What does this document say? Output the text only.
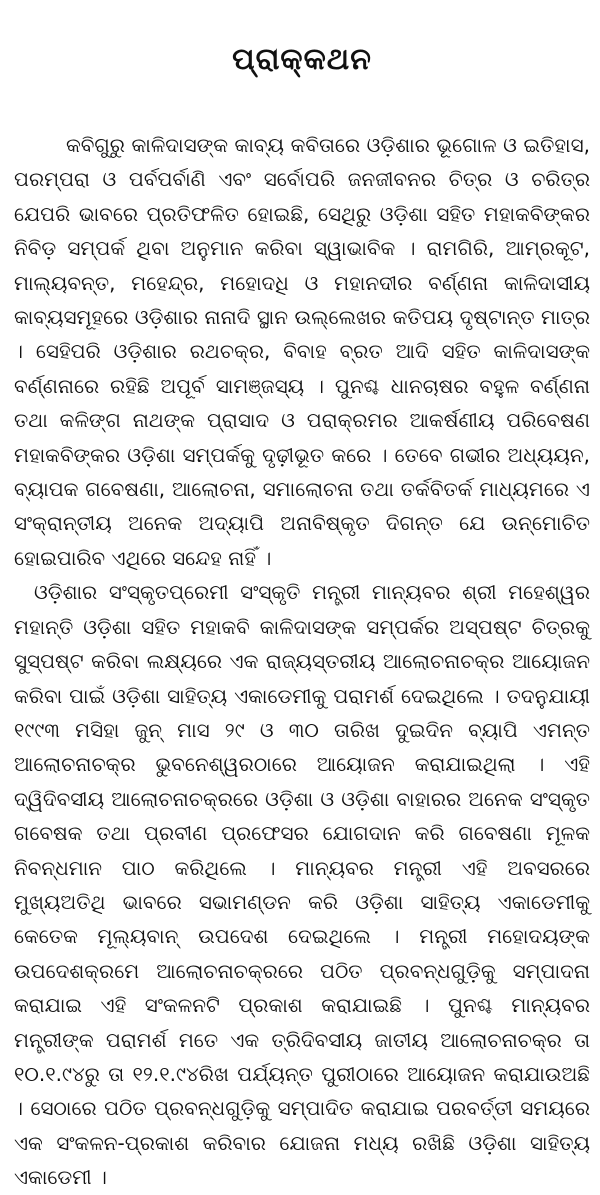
ପ୍ରାକ୍‌କଥନ

କବିଗୁରୁ କାଳିଦାସଙ୍କ କାବ୍ୟ କବିତାରେ ଓଡ଼ିଶାର ଭୂଗୋଳ ଓ ଇତିହାସ, ପରମ୍ପରା ଓ ପର୍ବପର୍ବାଣି ଏବଂ ସର୍ବୋପରି ଜନଜୀବନର ଚିତ୍ର ଓ ଚରିତ୍ର ଯେପରି ଭାବରେ ପ୍ରତିଫଳିତ ହୋଇଛି, ସେଥିରୁ ଓଡ଼ିଶା ସହିତ ମହାକବିଙ୍କର ନିବିଡ଼ ସମ୍ପର୍କ ଥିବା ଅନୁମାନ କରିବା ସ୍ୱାଭାବିକ । ରାମଗିରି, ଆମ୍ରକୂଟ, ମାଲ୍ୟବନ୍ତ, ମହେନ୍ଦ୍ର, ମହୋଦଧି ଓ ମହାନଦୀର ବର୍ଣ୍ଣନା କାଳିଦାସୀୟ କାବ୍ୟସମୂହରେ ଓଡ଼ିଶାର ନାନାଦି ସ୍ଥାନ ଉଲ୍ଲେଖର କତିପୟ ଦୃଷ୍ଟାନ୍ତ ମାତ୍ର । ସେହିପରି ଓଡ଼ିଶାର ରଥଚକ୍ର, ବିବାହ ବ୍ରତ ଆଦି ସହିତ କାଳିଦାସଙ୍କ ବର୍ଣ୍ଣନାରେ ରହିଛି ଅପୂର୍ବ ସାମଞ୍ଜସ୍ୟ । ପୁନଶ୍ଚ ଧାନଚାଷର ବହୁଳ ବର୍ଣ୍ଣନା ତଥା କଳିଙ୍ଗ ନାଥଙ୍କ ପ୍ରାସାଦ ଓ ପରାକ୍ରମର ଆକର୍ଷଣୀୟ ପରିବେଷଣ ମହାକବିଙ୍କର ଓଡ଼ିଶା ସମ୍ପର୍କକୁ ଦୃଢ଼ୀଭୂତ କରେ । ତେବେ ଗଭୀର ଅଧ୍ୟୟନ, ବ୍ୟାପକ ଗବେଷଣା, ଆଲୋଚନା, ସମାଲୋଚନା ତଥା ତର୍କବିତର୍କ ମାଧ୍ୟମରେ ଏ ସଂକ୍ରାନ୍ତୀୟ ଅନେକ ଅଦ୍ୟାପି ଅନାବିଷ୍କୃତ ଦିଗନ୍ତ ଯେ ଉନ୍ମୋଚିତ ହୋଇପାରିବ ଏଥିରେ ସନ୍ଦେହ ନାହିଁ ।

ଓଡ଼ିଶାର ସଂସ୍କୃତପ୍ରେମୀ ସଂସ୍କୃତି ମନ୍ତ୍ରୀ ମାନ୍ୟବର ଶ୍ରୀ ମହେଶ୍ୱର ମହାନ୍ତି ଓଡ଼ିଶା ସହିତ ମହାକବି କାଳିଦାସଙ୍କ ସମ୍ପର୍କର ଅସ୍ପଷ୍ଟ ଚିତ୍ରକୁ ସୁସ୍ପଷ୍ଟ କରିବା ଲକ୍ଷ୍ୟରେ ଏକ ରାଜ୍ୟସ୍ତରୀୟ ଆଲୋଚନାଚକ୍ର ଆୟୋଜନ କରିବା ପାଇଁ ଓଡ଼ିଶା ସାହିତ୍ୟ ଏକାଡେମୀକୁ ପରାମର୍ଶ ଦେଇଥିଲେ । ତଦନୁଯାୟୀ ୧୯୯୩ ମସିହା ଜୁନ୍ ମାସ ୨୯ ଓ ୩୦ ତାରିଖ ଦୁଇଦିନ ବ୍ୟାପି ଏମନ୍ତ ଆଲୋଚନାଚକ୍ର ଭୁବନେଶ୍ୱରଠାରେ ଆୟୋଜନ କରାଯାଇଥିଲା । ଏହି ଦ୍ୱିଦିବସୀୟ ଆଲୋଚନାଚକ୍ରରେ ଓଡ଼ିଶା ଓ ଓଡ଼ିଶା ବାହାରର ଅନେକ ସଂସ୍କୃତ ଗବେଷକ ତଥା ପ୍ରବୀଣ ପ୍ରଫେସର ଯୋଗଦାନ କରି ଗବେଷଣା ମୂଳକ ନିବନ୍ଧମାନ ପାଠ କରିଥିଲେ । ମାନ୍ୟବର ମନ୍ତ୍ରୀ ଏହି ଅବସରରେ ମୁଖ୍ୟଅତିଥି ଭାବରେ ସଭାମଣ୍ଡନ କରି ଓଡ଼ିଶା ସାହିତ୍ୟ ଏକାଡେମୀକୁ କେତେକ ମୂଲ୍ୟବାନ୍ ଉପଦେଶ ଦେଇଥିଲେ । ମନ୍ତ୍ରୀ ମହୋଦୟଙ୍କ ଉପଦେଶକ୍ରମେ ଆଲୋଚନାଚକ୍ରରେ ପଠିତ ପ୍ରବନ୍ଧଗୁଡ଼ିକୁ ସମ୍ପାଦନା କରାଯାଇ ଏହି ସଂକଳନଟି ପ୍ରକାଶ କରାଯାଇଛି । ପୁନଶ୍ଚ ମାନ୍ୟବର ମନ୍ତ୍ରୀଙ୍କ ପରାମର୍ଶ ମତେ ଏକ ତ୍ରିଦିବସୀୟ ଜାତୀୟ ଆଲୋଚନାଚକ୍ର ତା ୧୦.୧.୯୪ରୁ ତା ୧୨.୧.୯୪ରିଖ ପର୍ଯ୍ୟନ୍ତ ପୁରୀଠାରେ ଆୟୋଜନ କରାଯାଉଅଛି । ସେଠାରେ ପଠିତ ପ୍ରବନ୍ଧଗୁଡ଼ିକୁ ସମ୍ପାଦିତ କରାଯାଇ ପରବର୍ତ୍ତୀ ସମୟରେ ଏକ ସଂକଳନ-ପ୍ରକାଶ କରିବାର ଯୋଜନା ମଧ୍ୟ ରଖିଛି ଓଡ଼ିଶା ସାହିତ୍ୟ ଏକାଡେମୀ ।
